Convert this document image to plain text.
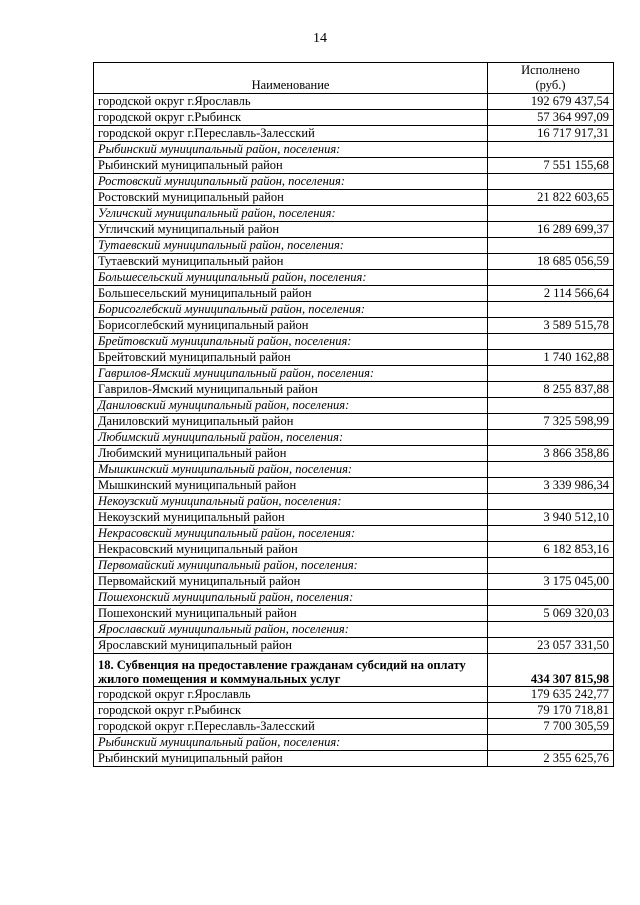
14
Наименование	Исполнено
(руб.)

городской округ г.Ярославль	192 679 437,54
городской округ г.Рыбинск	57 364 997,09
городской округ г.Переславль-Залесский	16 717 917,31
Рыбинский муниципальный район, поселения:	
Рыбинский муниципальный район	7 551 155,68
Ростовский муниципальный район, поселения:	
Ростовский муниципальный район	21 822 603,65
Угличский муниципальный район, поселения:	
Угличский муниципальный район	16 289 699,37
Тутаевский муниципальный район, поселения:	
Тутаевский муниципальный район	18 685 056,59
Большесельский муниципальный район, поселения:	
Большесельский муниципальный район	2 114 566,64
Борисоглебский муниципальный район, поселения:	
Борисоглебский муниципальный район	3 589 515,78
Брейтовский муниципальный район, поселения:	
Брейтовский муниципальный район	1 740 162,88
Гаврилов-Ямский муниципальный район, поселения:	
Гаврилов-Ямский муниципальный район	8 255 837,88
Даниловский муниципальный район, поселения:	
Даниловский муниципальный район	7 325 598,99
Любимский муниципальный район, поселения:	
Любимский муниципальный район	3 866 358,86
Мышкинский муниципальный район, поселения:	
Мышкинский муниципальный район	3 339 986,34
Некоузский муниципальный район, поселения:	
Некоузский муниципальный район	3 940 512,10
Некрасовский муниципальный район, поселения:	
Некрасовский муниципальный район	6 182 853,16
Первомайский муниципальный район, поселения:	
Первомайский муниципальный район	3 175 045,00
Пошехонский муниципальный район, поселения:	
Пошехонский муниципальный район	5 069 320,03
Ярославский муниципальный район, поселения:	
Ярославский муниципальный район	23 057 331,50
18. Субвенция на предоставление гражданам субсидий на оплату жилого помещения и коммунальных услуг	434 307 815,98
городской округ г.Ярославль	179 635 242,77
городской округ г.Рыбинск	79 170 718,81
городской округ г.Переславль-Залесский	7 700 305,59
Рыбинский муниципальный район, поселения:	
Рыбинский муниципальный район	2 355 625,76
